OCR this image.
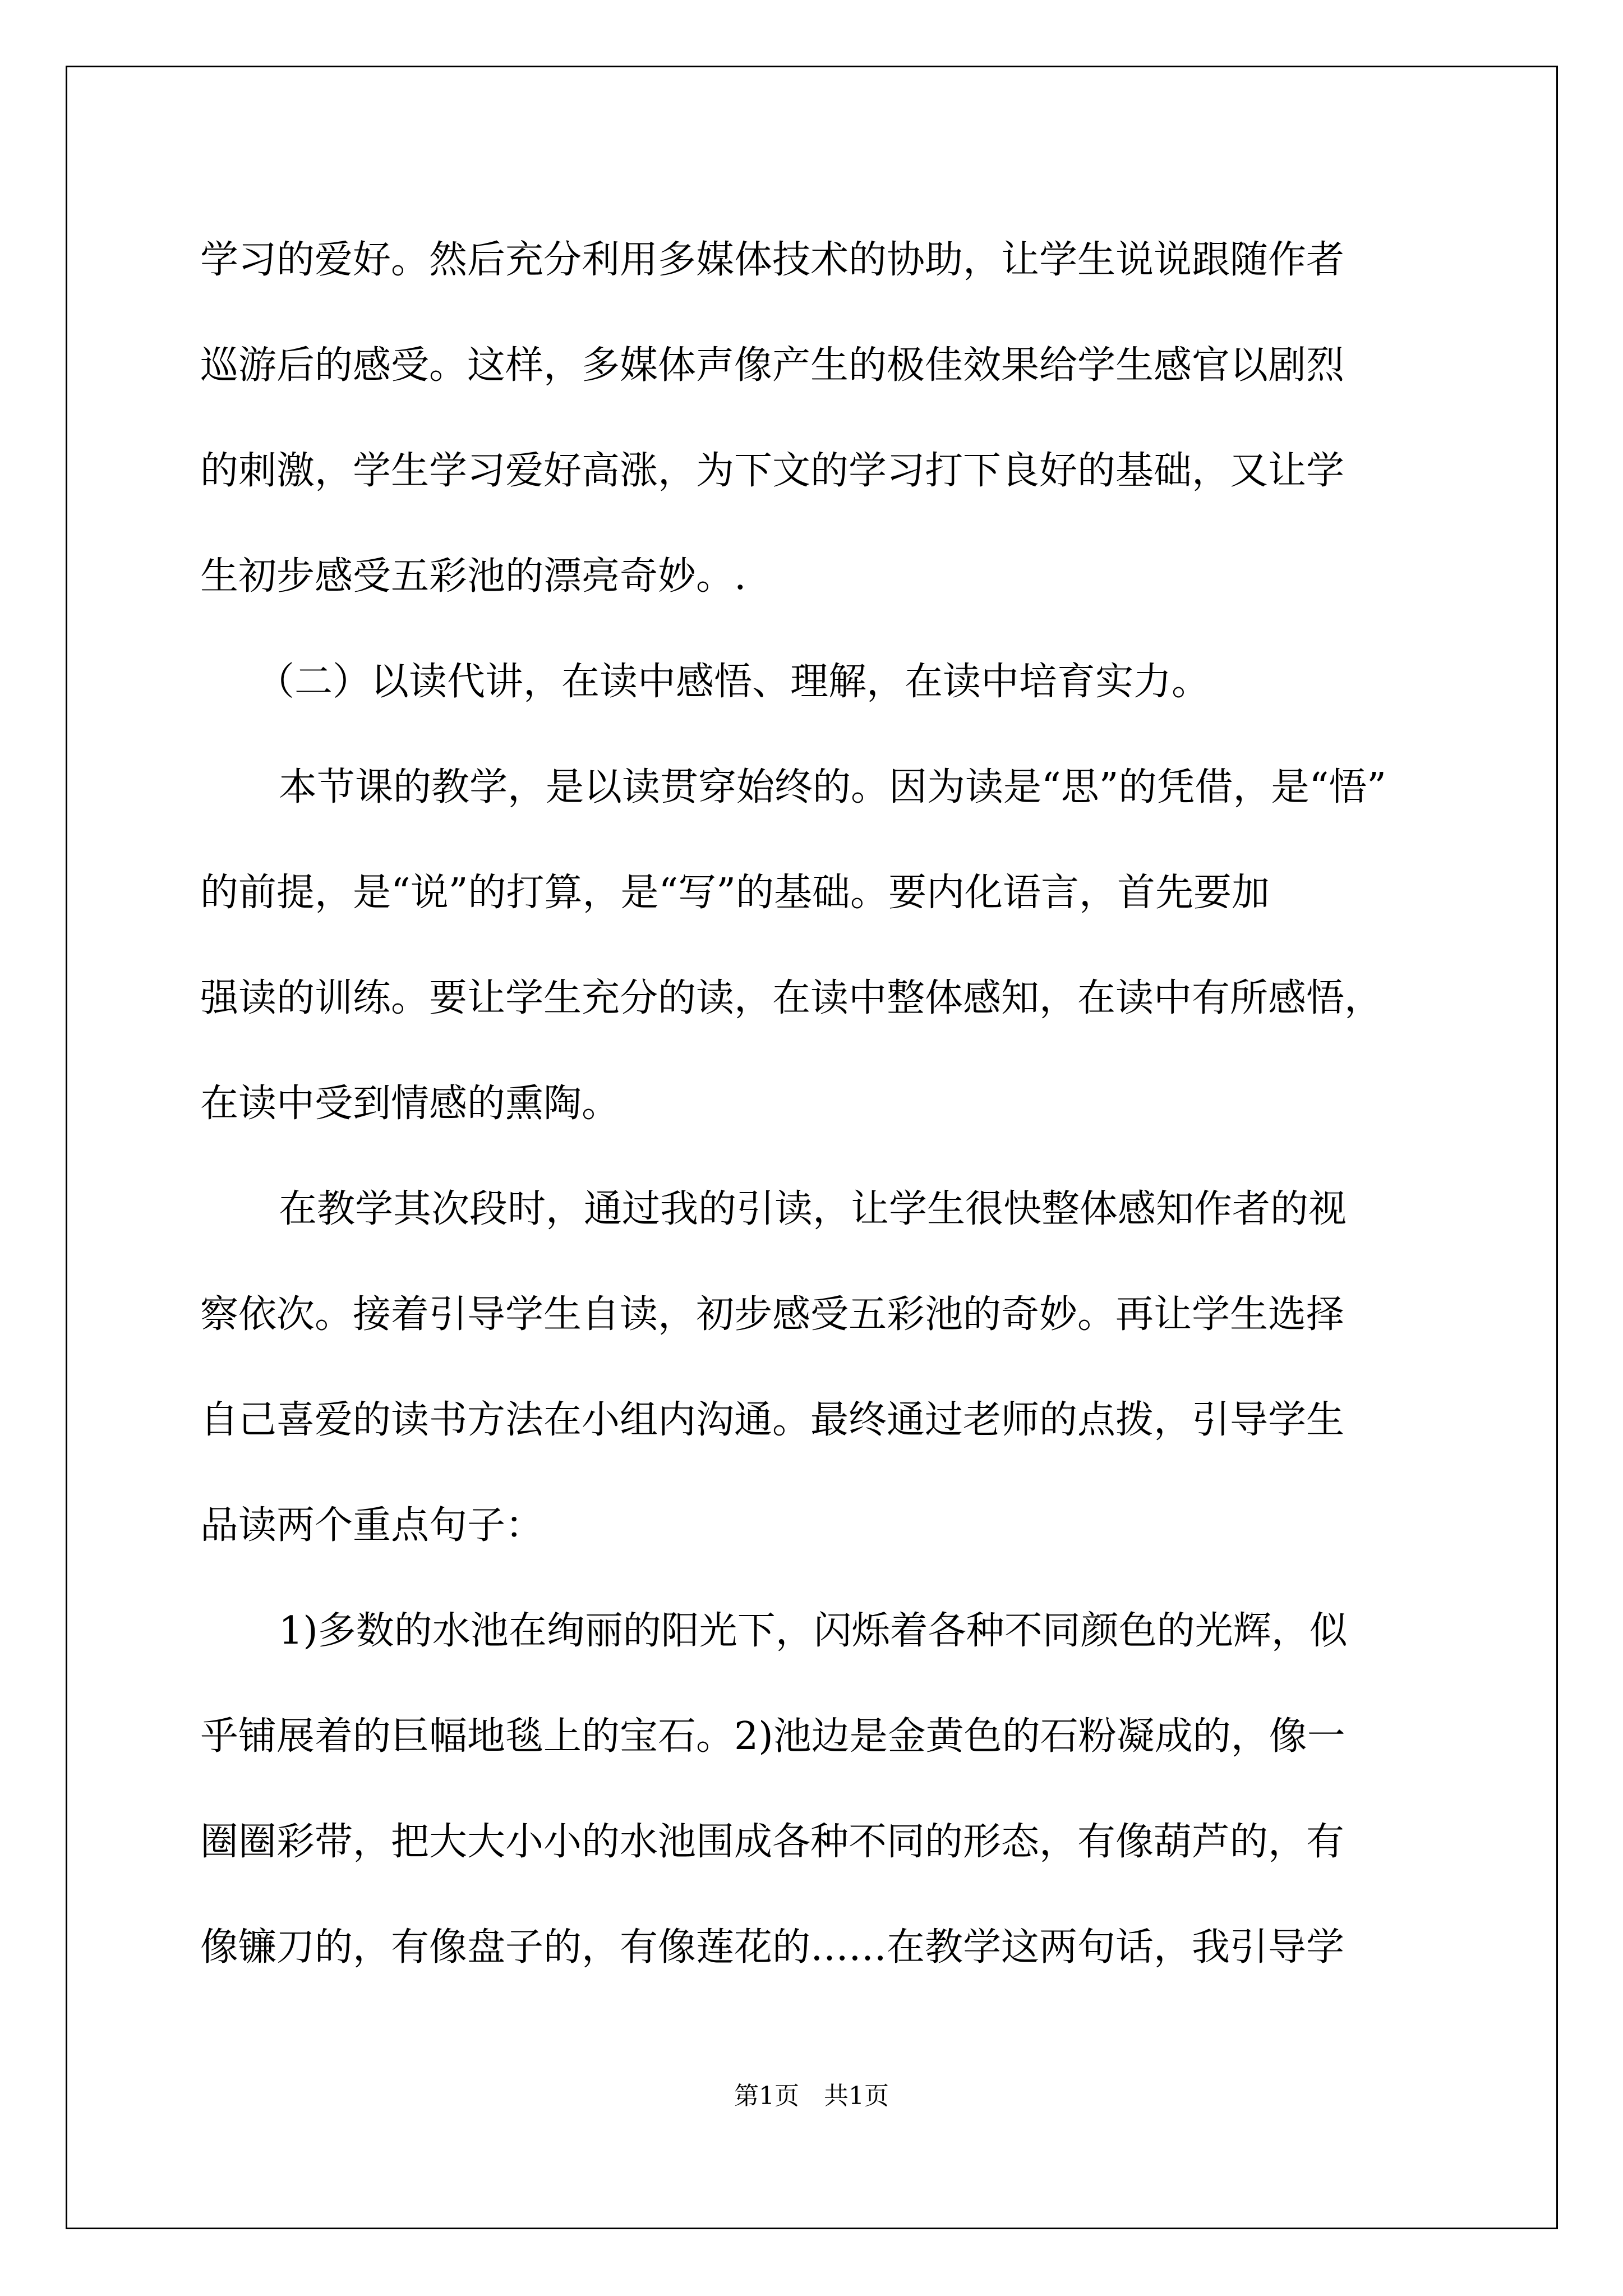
学习的爱好。然后充分利用多媒体技术的协助，让学生说说跟随作者
巡游后的感受。这样，多媒体声像产生的极佳效果给学生感官以剧烈
的刺激，学生学习爱好高涨，为下文的学习打下良好的基础，又让学
生初步感受五彩池的漂亮奇妙。.
（二）以读代讲，在读中感悟、理解，在读中培育实力。
本节课的教学，是以读贯穿始终的。因为读是“思”的凭借，是“悟”
的前提，是“说”的打算，是“写”的基础。要内化语言，首先要加
强读的训练。要让学生充分的读，在读中整体感知，在读中有所感悟，
在读中受到情感的熏陶。
在教学其次段时，通过我的引读，让学生很快整体感知作者的视
察依次。接着引导学生自读，初步感受五彩池的奇妙。再让学生选择
自己喜爱的读书方法在小组内沟通。最终通过老师的点拨，引导学生
品读两个重点句子：
1)多数的水池在绚丽的阳光下，闪烁着各种不同颜色的光辉，似
乎铺展着的巨幅地毯上的宝石。2)池边是金黄色的石粉凝成的，像一
圈圈彩带，把大大小小的水池围成各种不同的形态，有像葫芦的，有
像镰刀的，有像盘子的，有像莲花的……在教学这两句话，我引导学
第1页　共1页
